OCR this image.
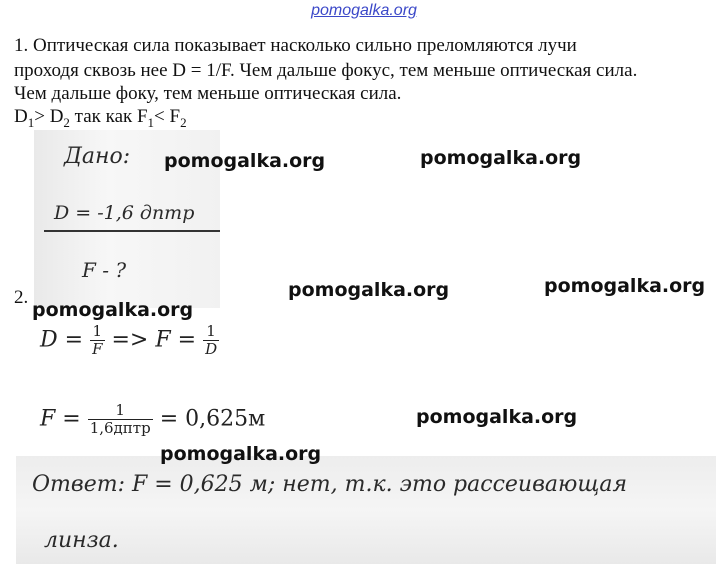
pomogalka.org
1. Оптическая сила показывает насколько сильно преломляются лучи
проходя сквозь нее D = 1/F. Чем дальше фокус, тем меньше оптическая сила.
Чем дальше фоку, тем меньше оптическая сила.
$D_1> D_2$ так как $F_1< F_2$
Дано:
D = -1,6 дптр
F - ?
2.
$D = \frac{1}{F} => F = \frac{1}{D}$
$F = \frac{1}{\text{1,6дптр}} = 0,625м$
Ответ: F = 0,625 м; нет, т.к. это рассеивающая
линза.
pomogalka.org	pomogalka.org
pomogalka.org	pomogalka.org
pomogalka.org
pomogalka.org
pomogalka.org
